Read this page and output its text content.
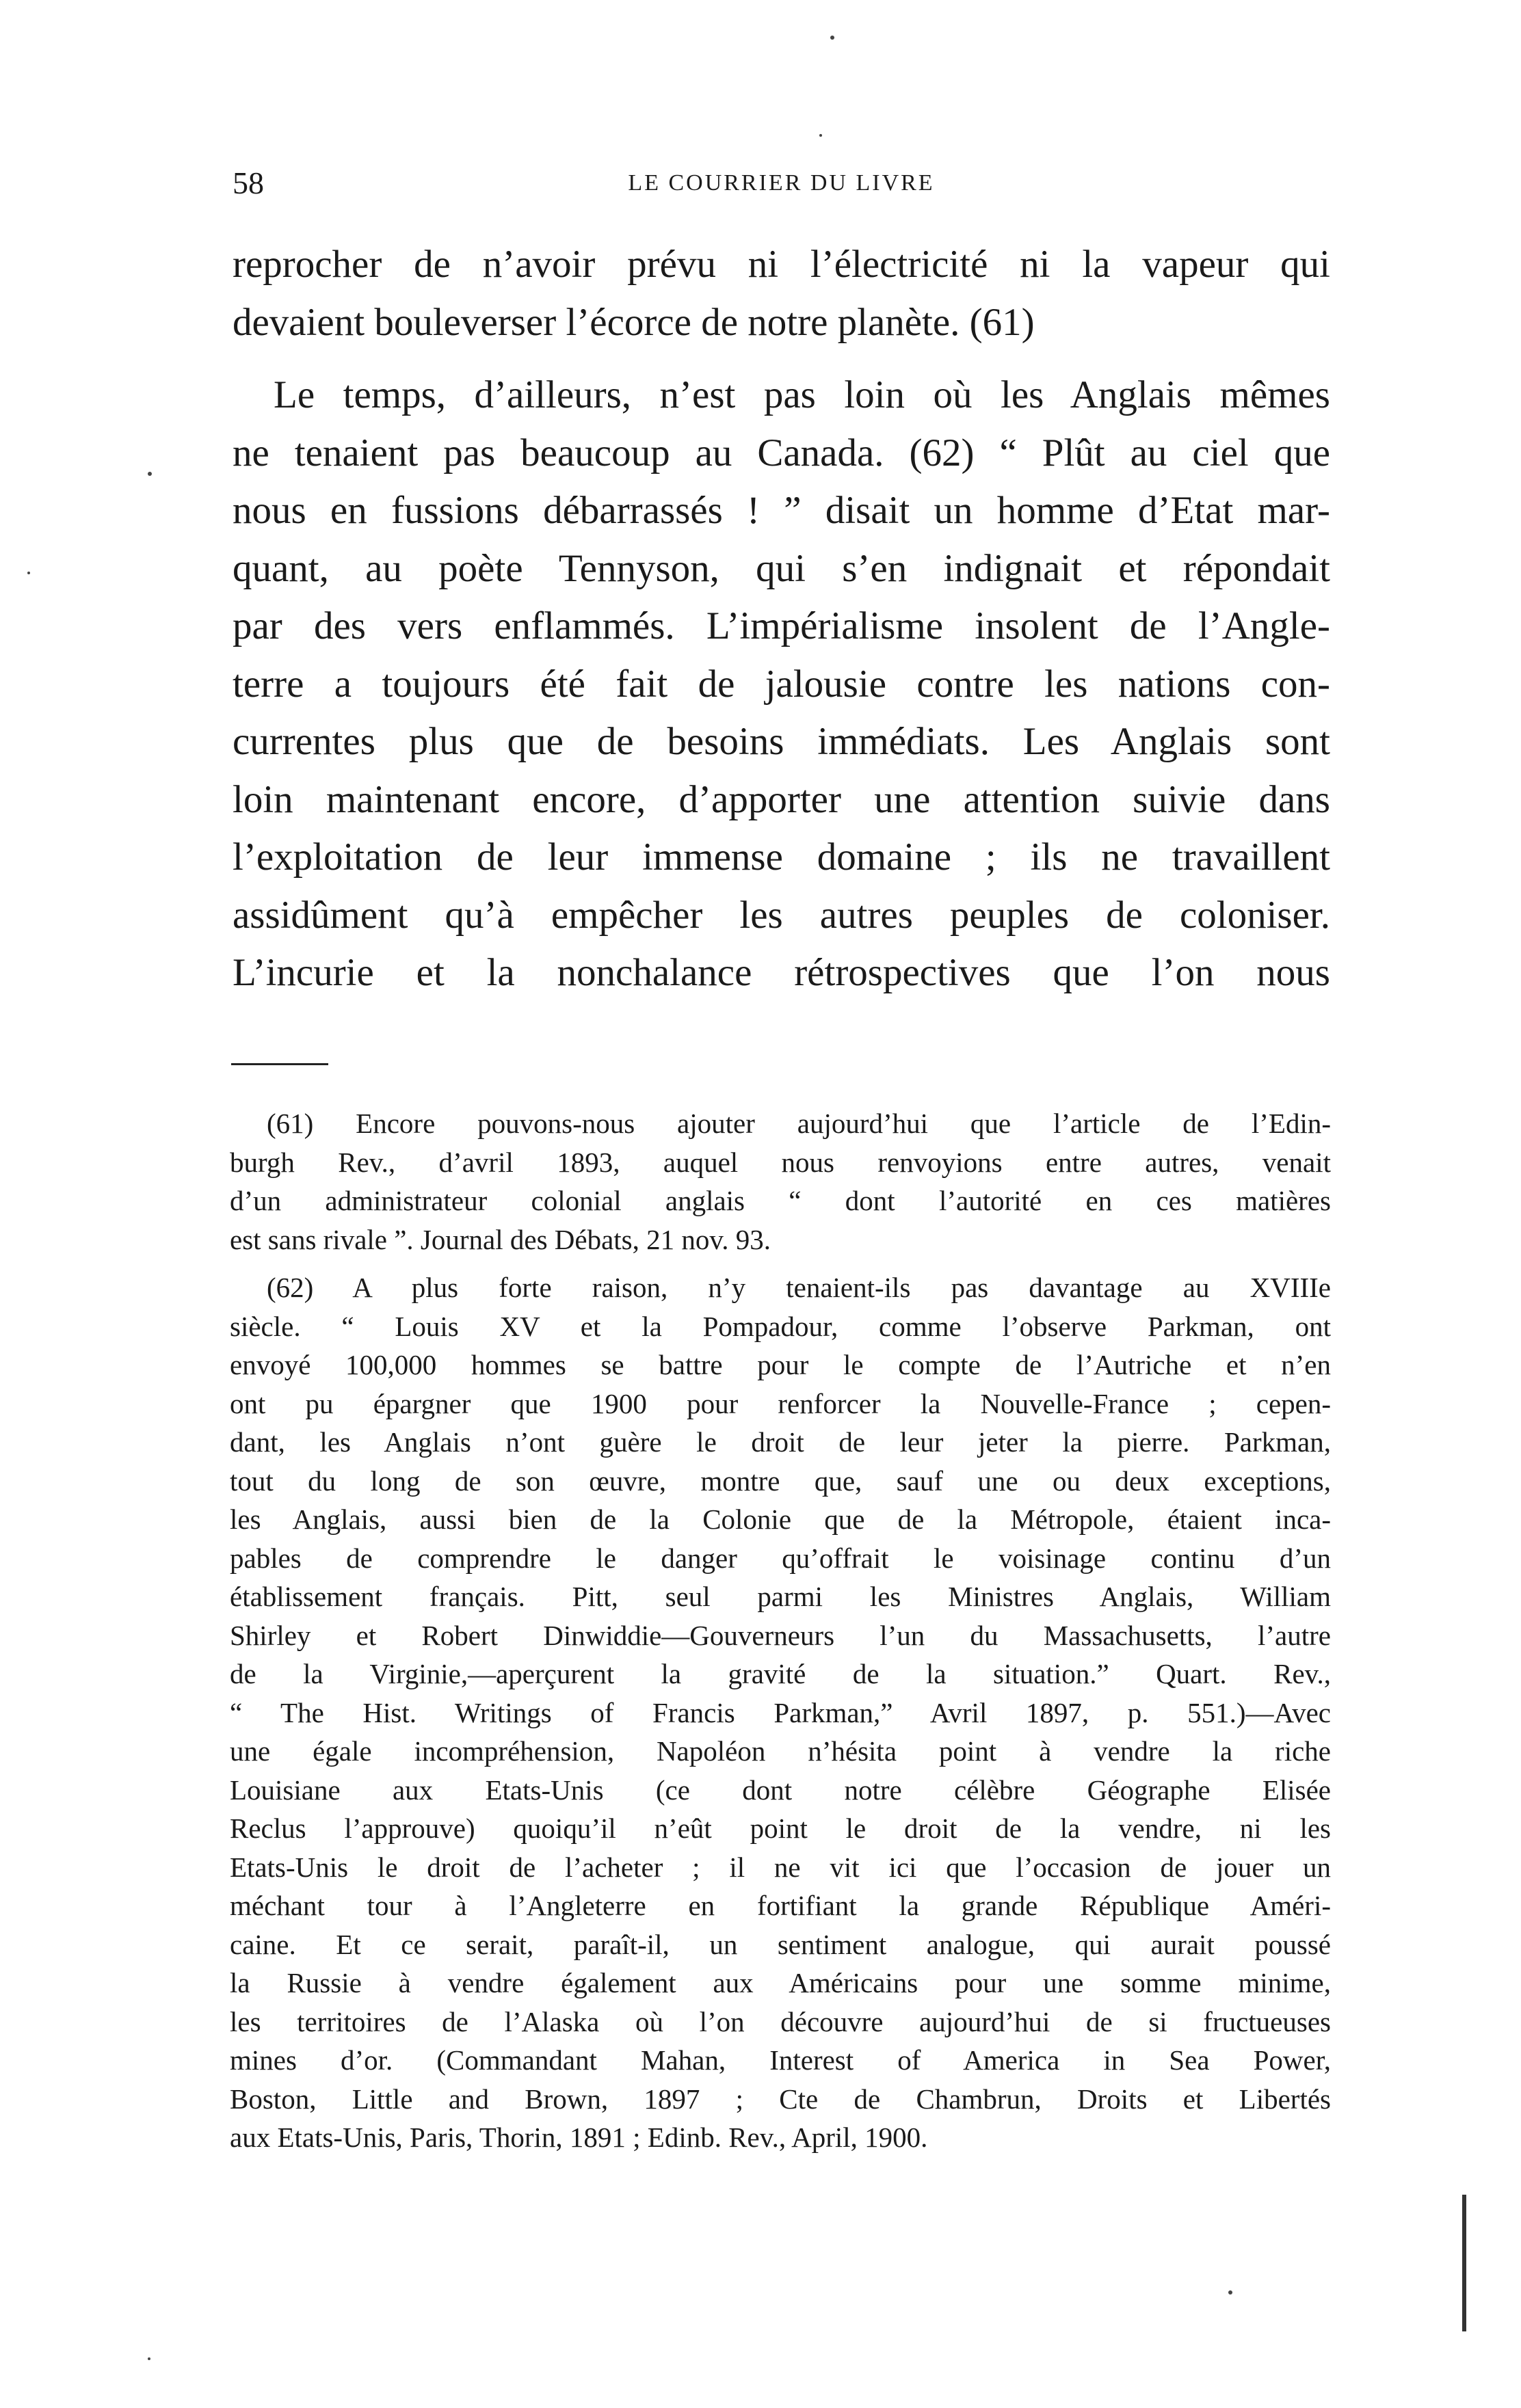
58	LE COURRIER DU LIVRE

reprocher de n’avoir prévu ni l’électricité ni la vapeur qui
devaient bouleverser l’écorce de notre planète. (61)

Le temps, d’ailleurs, n’est pas loin où les Anglais mêmes
ne tenaient pas beaucoup au Canada. (62) “ Plût au ciel que
nous en fussions débarrassés ! ” disait un homme d’Etat mar-
quant, au poète Tennyson, qui s’en indignait et répondait
par des vers enflammés. L’impérialisme insolent de l’Angle-
terre a toujours été fait de jalousie contre les nations con-
currentes plus que de besoins immédiats. Les Anglais sont
loin maintenant encore, d’apporter une attention suivie dans
l’exploitation de leur immense domaine ; ils ne travaillent
assidûment qu’à empêcher les autres peuples de coloniser.
L’incurie et la nonchalance rétrospectives que l’on nous

(61) Encore pouvons-nous ajouter aujourd’hui que l’article de l’Edin-
burgh Rev., d’avril 1893, auquel nous renvoyions entre autres, venait
d’un administrateur colonial anglais “ dont l’autorité en ces matières
est sans rivale ”. Journal des Débats, 21 nov. 93.

(62) A plus forte raison, n’y tenaient-ils pas davantage au XVIIIe
siècle. “ Louis XV et la Pompadour, comme l’observe Parkman, ont
envoyé 100,000 hommes se battre pour le compte de l’Autriche et n’en
ont pu épargner que 1900 pour renforcer la Nouvelle-France ; cepen-
dant, les Anglais n’ont guère le droit de leur jeter la pierre. Parkman,
tout du long de son œuvre, montre que, sauf une ou deux exceptions,
les Anglais, aussi bien de la Colonie que de la Métropole, étaient inca-
pables de comprendre le danger qu’offrait le voisinage continu d’un
établissement français. Pitt, seul parmi les Ministres Anglais, William
Shirley et Robert Dinwiddie—Gouverneurs l’un du Massachusetts, l’autre
de la Virginie,—aperçurent la gravité de la situation.” Quart. Rev.,
“ The Hist. Writings of Francis Parkman,” Avril 1897, p. 551.)—Avec
une égale incompréhension, Napoléon n’hésita point à vendre la riche
Louisiane aux Etats-Unis (ce dont notre célèbre Géographe Elisée
Reclus l’approuve) quoiqu’il n’eût point le droit de la vendre, ni les
Etats-Unis le droit de l’acheter ; il ne vit ici que l’occasion de jouer un
méchant tour à l’Angleterre en fortifiant la grande République Améri-
caine. Et ce serait, paraît-il, un sentiment analogue, qui aurait poussé
la Russie à vendre également aux Américains pour une somme minime,
les territoires de l’Alaska où l’on découvre aujourd’hui de si fructueuses
mines d’or. (Commandant Mahan, Interest of America in Sea Power,
Boston, Little and Brown, 1897 ; Cte de Chambrun, Droits et Libertés
aux Etats-Unis, Paris, Thorin, 1891 ; Edinb. Rev., April, 1900.
